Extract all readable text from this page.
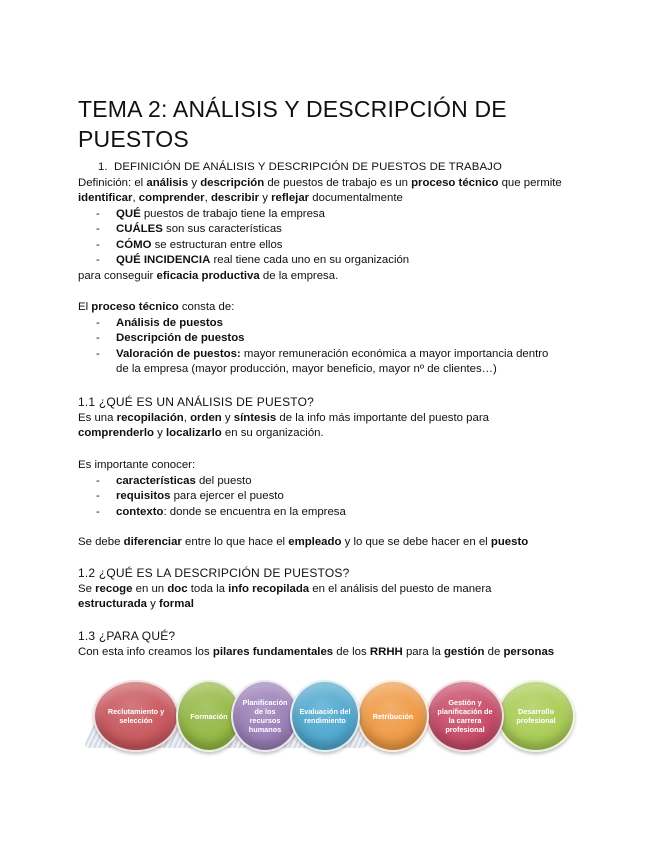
TEMA 2: ANÁLISIS Y DESCRIPCIÓN DE PUESTOS
1. DEFINICIÓN DE ANÁLISIS Y DESCRIPCIÓN DE PUESTOS DE TRABAJO

Definición: el análisis y descripción de puestos de trabajo es un proceso técnico que permite

identificar, comprender, describir y reflejar documentalmente

- QUÉ puestos de trabajo tiene la empresa
- CUÁLES son sus características
- CÓMO se estructuran entre ellos
- QUÉ INCIDENCIA real tiene cada uno en su organización

para conseguir eficacia productiva de la empresa.

El proceso técnico consta de:

- Análisis de puestos
- Descripción de puestos
- Valoración de puestos: mayor remuneración económica a mayor importancia dentro

de la empresa (mayor producción, mayor beneficio, mayor nº de clientes…)

1.1 ¿QUÉ ES UN ANÁLISIS DE PUESTO?

Es una recopilación, orden y síntesis de la info más importante del puesto para

comprenderlo y localizarlo en su organización.

Es importante conocer:

- características del puesto
- requisitos para ejercer el puesto
- contexto: donde se encuentra en la empresa

Se debe diferenciar entre lo que hace el empleado y lo que se debe hacer en el puesto

1.2 ¿QUÉ ES LA DESCRIPCIÓN DE PUESTOS?

Se recoge en un doc toda la info recopilada en el análisis del puesto de manera

estructurada y formal

1.3 ¿PARA QUÉ?

Con esta info creamos los pilares fundamentales de los RRHH para la gestión de personas

Reclutamiento y selección	Formación
Planificación de los recursos humanos
Evaluación del rendimiento	Retribución
Gestión y planificación de la carrera profesional
Desarrollo profesional
